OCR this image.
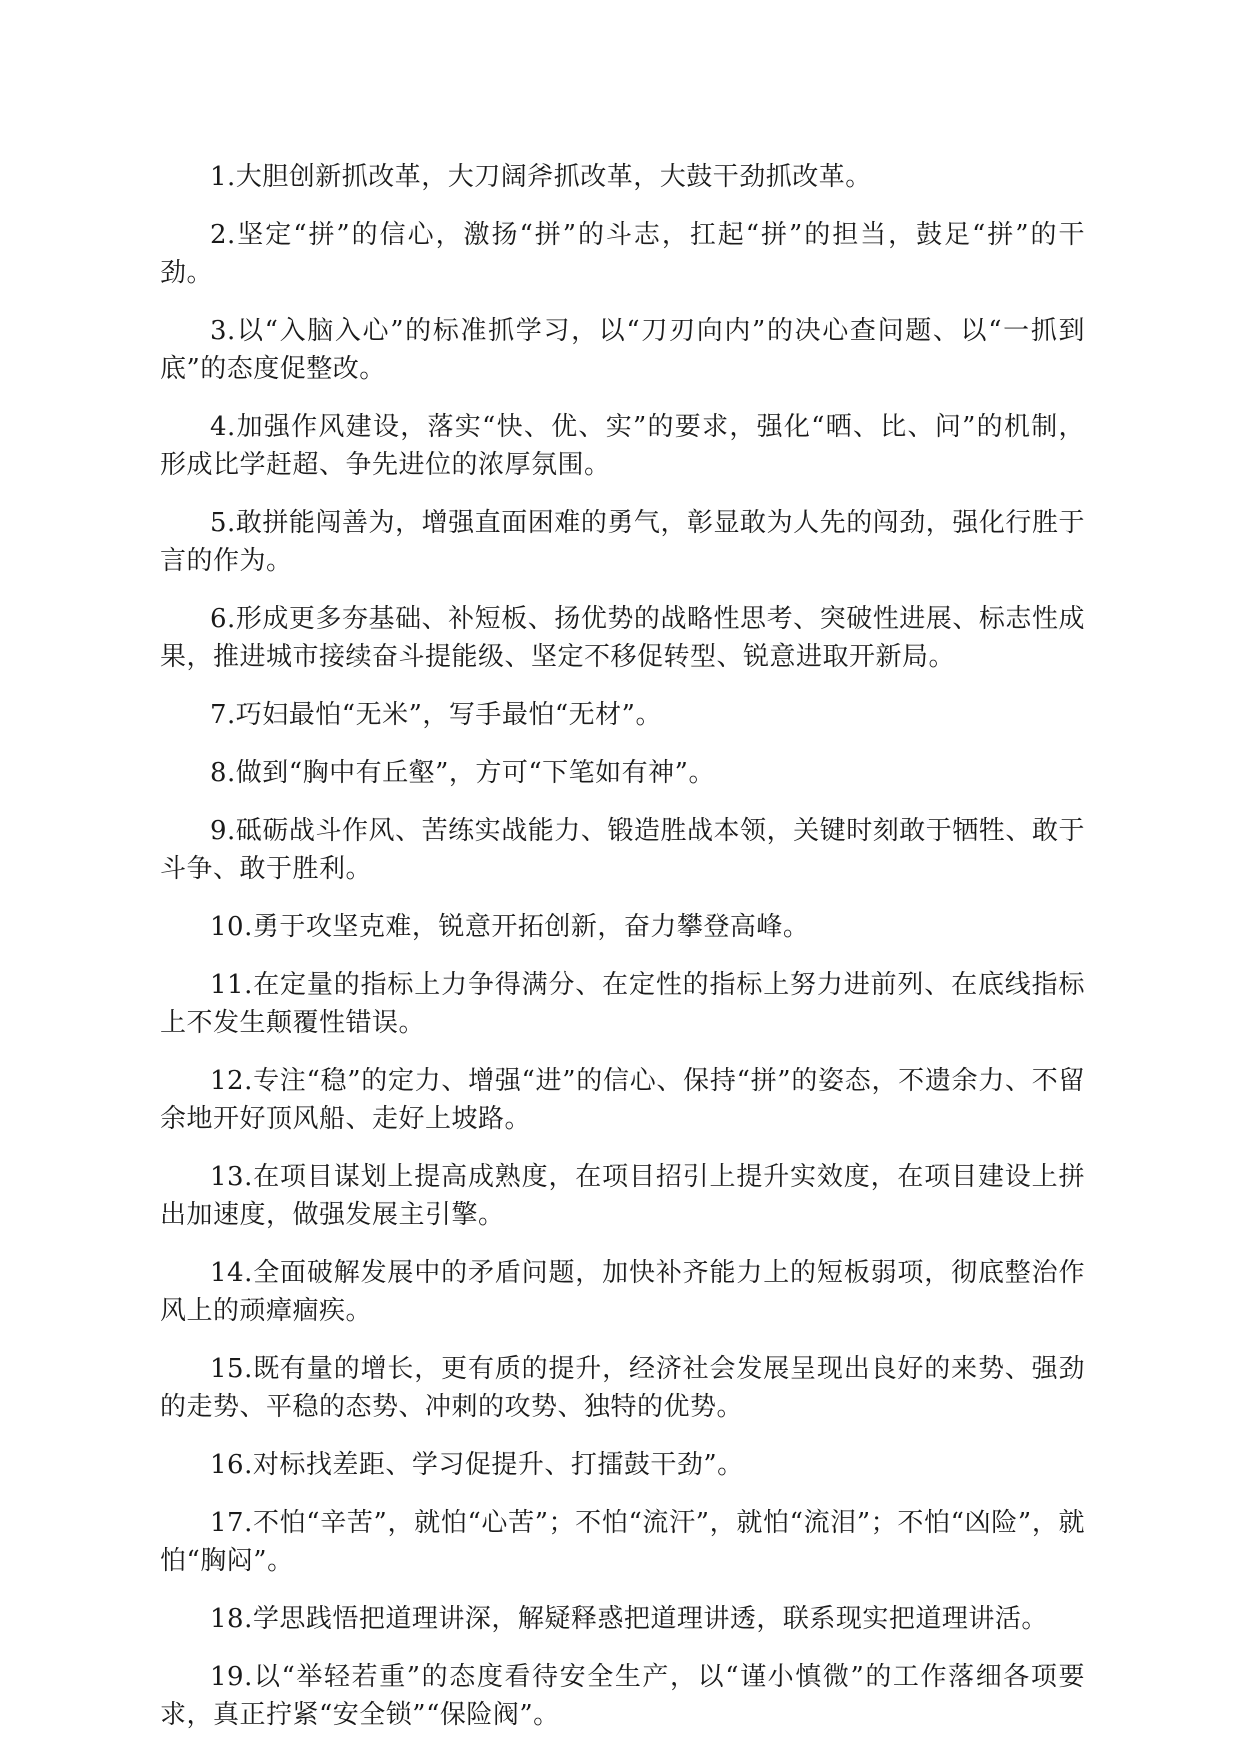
1.大胆创新抓改革，大刀阔斧抓改革，大鼓干劲抓改革。

2.坚定“拼”的信心，激扬“拼”的斗志，扛起“拼”的担当，鼓足“拼”的干劲。

3.以“入脑入心”的标准抓学习，以“刀刃向内”的决心查问题、以“一抓到底”的态度促整改。

4.加强作风建设，落实“快、优、实”的要求，强化“晒、比、问”的机制，形成比学赶超、争先进位的浓厚氛围。

5.敢拼能闯善为，增强直面困难的勇气，彰显敢为人先的闯劲，强化行胜于言的作为。

6.形成更多夯基础、补短板、扬优势的战略性思考、突破性进展、标志性成果，推进城市接续奋斗提能级、坚定不移促转型、锐意进取开新局。

7.巧妇最怕“无米”，写手最怕“无材”。

8.做到“胸中有丘壑”，方可“下笔如有神”。

9.砥砺战斗作风、苦练实战能力、锻造胜战本领，关键时刻敢于牺牲、敢于斗争、敢于胜利。

10.勇于攻坚克难，锐意开拓创新，奋力攀登高峰。

11.在定量的指标上力争得满分、在定性的指标上努力进前列、在底线指标上不发生颠覆性错误。

12.专注“稳”的定力、增强“进”的信心、保持“拼”的姿态，不遗余力、不留余地开好顶风船、走好上坡路。

13.在项目谋划上提高成熟度，在项目招引上提升实效度，在项目建设上拼出加速度，做强发展主引擎。

14.全面破解发展中的矛盾问题，加快补齐能力上的短板弱项，彻底整治作风上的顽瘴痼疾。

15.既有量的增长，更有质的提升，经济社会发展呈现出良好的来势、强劲的走势、平稳的态势、冲刺的攻势、独特的优势。

16.对标找差距、学习促提升、打擂鼓干劲”。

17.不怕“辛苦”，就怕“心苦”；不怕“流汗”，就怕“流泪”；不怕“凶险”，就怕“胸闷”。

18.学思践悟把道理讲深，解疑释惑把道理讲透，联系现实把道理讲活。

19.以“举轻若重”的态度看待安全生产，以“谨小慎微”的工作落细各项要求，真正拧紧“安全锁”“保险阀”。
